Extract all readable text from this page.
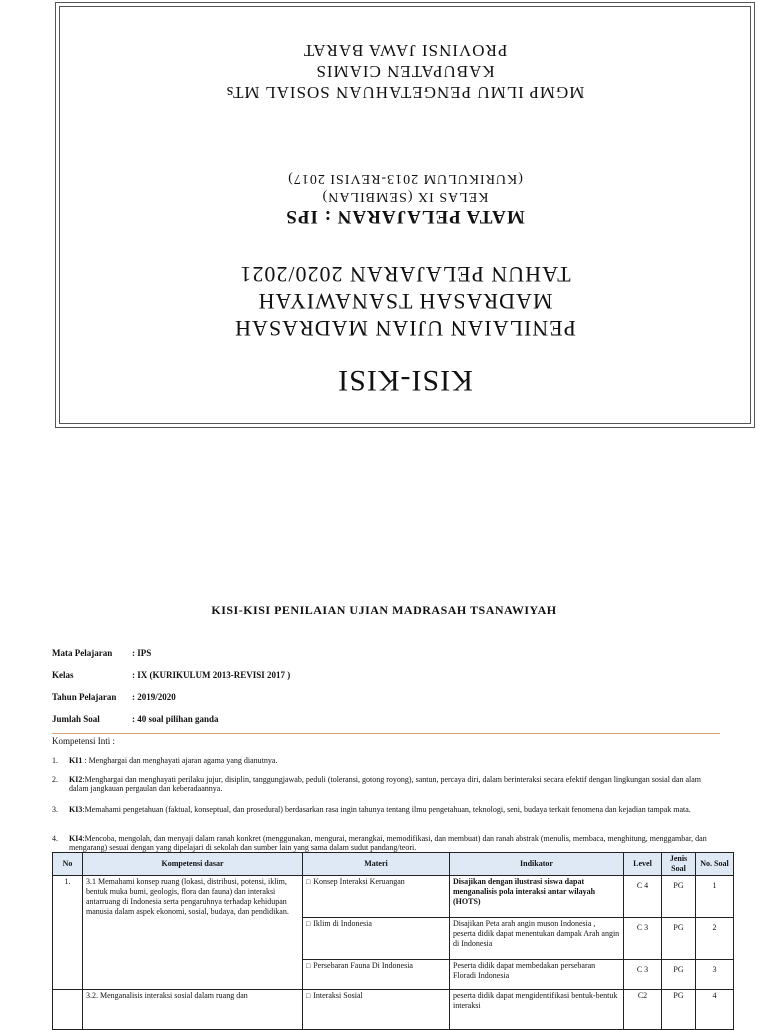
KISI-KISI
PENILAIAN UJIAN MADRASAH
MADRASAH TSANAWIYAH
TAHUN PELAJARAN 2020/2021
MATA PELAJARAN : IPS
KELAS IX (SEMBILAN)
(KURIKULUM 2013-REVISI 2017)
MGMP ILMU PENGETAHUAN SOSIAL MTs
KABUPATEN CIAMIS
PROVINSI JAWA BARAT
KISI-KISI PENILAIAN UJIAN MADRASAH TSANAWIYAH
Mata Pelajaran	: IPS
Kelas	: IX (KURIKULUM 2013-REVISI 2017 )
Tahun Pelajaran	: 2019/2020
Jumlah Soal	: 40 soal pilihan ganda
Kompetensi Inti :
1. KI1 : Menghargai dan menghayati ajaran agama yang dianutnya.
2. KI2:Menghargai dan menghayati perilaku jujur, disiplin, tanggungjawab, peduli (toleransi, gotong royong), santun, percaya diri, dalam berinteraksi secara efektif dengan lingkungan sosial dan alam dalam jangkauan pergaulan dan keberadaannya.
3. KI3:Memahami pengetahuan (faktual, konseptual, dan prosedural) berdasarkan rasa ingin tahunya tentang ilmu pengetahuan, teknologi, seni, budaya terkait fenomena dan kejadian tampak mata.
4. KI4:Mencoba, mengolah, dan menyaji dalam ranah konkret (menggunakan, mengurai, merangkai, memodifikasi, dan membuat) dan ranah abstrak (menulis, membaca, menghitung, menggambar, dan mengarang) sesuai dengan yang dipelajari di sekolah dan sumber lain yang sama dalam sudut pandang/teori.
No	Kompetensi dasar	Materi	Indikator	Level	Jenis Soal	No. Soal
1.	3.1 Memahami konsep ruang (lokasi, distribusi, potensi, iklim, bentuk muka bumi, geologis, flora dan fauna) dan interaksi antarruang di Indonesia serta pengaruhnya terhadap kehidupan manusia dalam aspek ekonomi, sosial, budaya, dan pendidikan.	□ Konsep Interaksi Keruangan	Disajikan dengan ilustrasi siswa dapat menganalisis pola interaksi antar wilayah (HOTS)	C 4	PG	1
□ Iklim di Indonesia	Disajikan Peta arah angin muson Indonesia , peserta didik dapat menentukan dampak Arah angin di Indonesia	C 3	PG	2
□ Persebaran Fauna Di Indonesia	Peserta didik dapat membedakan persebaran Floradi Indonesia	C 3	PG	3
	3.2. Menganalisis interaksi sosial dalam ruang dan	□Interaksi Sosial	peserta didik dapat mengidentifikasi bentuk-bentuk interaksi	C2	PG	4
